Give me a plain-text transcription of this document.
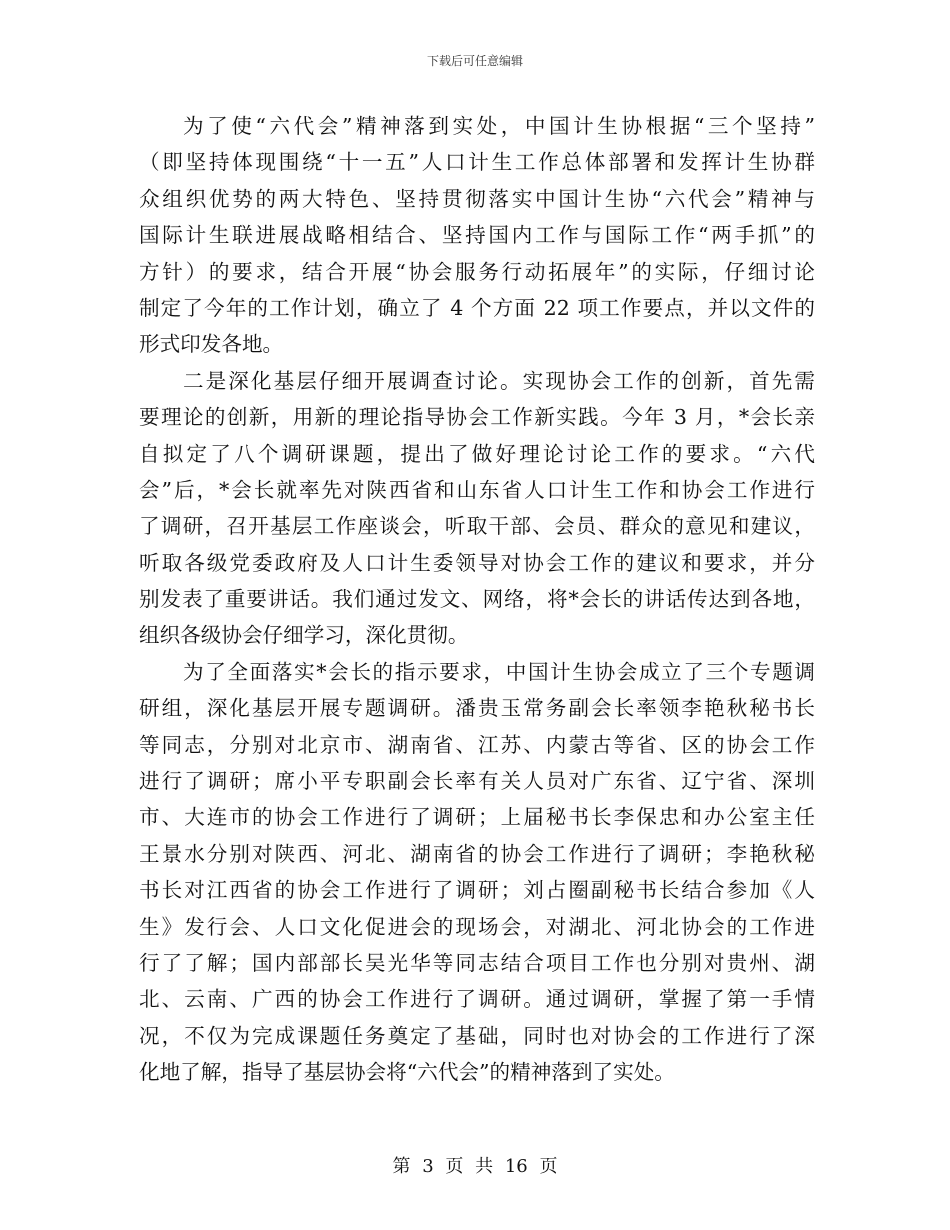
下载后可任意编辑
为了使“六代会”精神落到实处，中国计生协根据“三个坚持”
（即坚持体现围绕“十一五”人口计生工作总体部署和发挥计生协群
众组织优势的两大特色、坚持贯彻落实中国计生协“六代会”精神与
国际计生联进展战略相结合、坚持国内工作与国际工作“两手抓”的
方针）的要求，结合开展“协会服务行动拓展年”的实际，仔细讨论
制定了今年的工作计划，确立了 4 个方面 22 项工作要点，并以文件的
形式印发各地。
二是深化基层仔细开展调查讨论。实现协会工作的创新，首先需
要理论的创新，用新的理论指导协会工作新实践。今年 3 月，*会长亲
自拟定了八个调研课题，提出了做好理论讨论工作的要求。“六代
会”后，*会长就率先对陕西省和山东省人口计生工作和协会工作进行
了调研，召开基层工作座谈会，听取干部、会员、群众的意见和建议，
听取各级党委政府及人口计生委领导对协会工作的建议和要求，并分
别发表了重要讲话。我们通过发文、网络，将*会长的讲话传达到各地，
组织各级协会仔细学习，深化贯彻。
为了全面落实*会长的指示要求，中国计生协会成立了三个专题调
研组，深化基层开展专题调研。潘贵玉常务副会长率领李艳秋秘书长
等同志，分别对北京市、湖南省、江苏、内蒙古等省、区的协会工作
进行了调研；席小平专职副会长率有关人员对广东省、辽宁省、深圳
市、大连市的协会工作进行了调研；上届秘书长李保忠和办公室主任
王景水分别对陕西、河北、湖南省的协会工作进行了调研；李艳秋秘
书长对江西省的协会工作进行了调研；刘占圈副秘书长结合参加《人
生》发行会、人口文化促进会的现场会，对湖北、河北协会的工作进
行了了解；国内部部长吴光华等同志结合项目工作也分别对贵州、湖
北、云南、广西的协会工作进行了调研。通过调研，掌握了第一手情
况，不仅为完成课题任务奠定了基础，同时也对协会的工作进行了深
化地了解，指导了基层协会将“六代会”的精神落到了实处。
第 3 页 共 16 页
